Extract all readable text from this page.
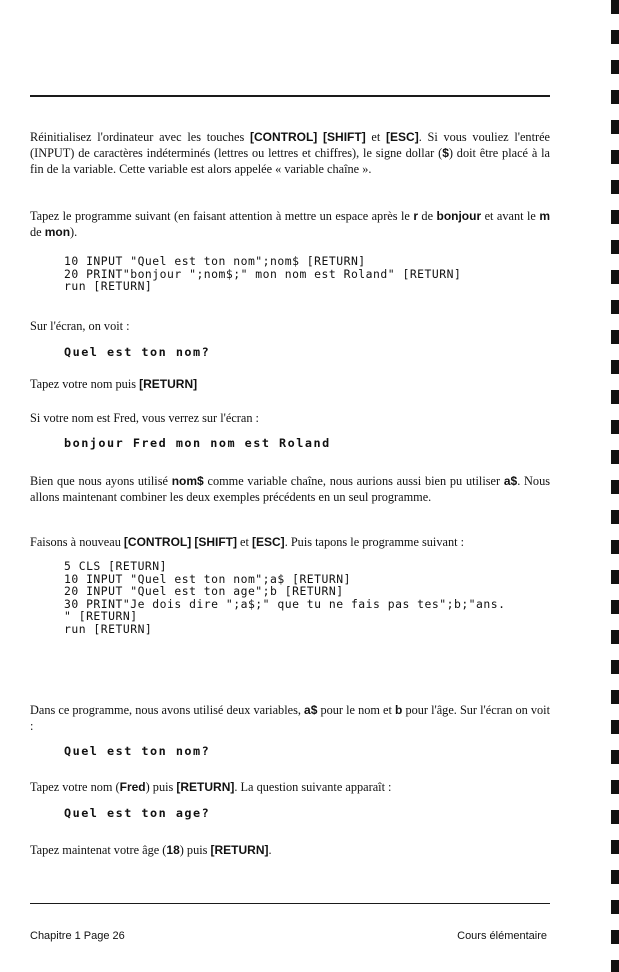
Réinitialisez l'ordinateur avec les touches [CONTROL] [SHIFT] et [ESC]. Si vous vouliez l'entrée (INPUT) de caractères indéterminés (lettres ou lettres et chiffres), le signe dollar ($) doit être placé à la fin de la variable. Cette variable est alors appelée « variable chaîne ».

Tapez le programme suivant (en faisant attention à mettre un espace après le r de bonjour et avant le m de mon).

10 INPUT "Quel est ton nom";nom$ [RETURN]
20 PRINT"bonjour ";nom$;" mon nom est Roland" [RETURN]
run [RETURN]

Sur l'écran, on voit :

Quel est ton nom?

Tapez votre nom puis [RETURN]

Si votre nom est Fred, vous verrez sur l'écran :

bonjour Fred mon nom est Roland

Bien que nous ayons utilisé nom$ comme variable chaîne, nous aurions aussi bien pu utiliser a$. Nous allons maintenant combiner les deux exemples précédents en un seul programme.

Faisons à nouveau [CONTROL] [SHIFT] et [ESC]. Puis tapons le programme suivant :

5 CLS [RETURN]
10 INPUT "Quel est ton nom";a$ [RETURN]
20 INPUT "Quel est ton age";b [RETURN]
30 PRINT"Je dois dire ";a$;" que tu ne fais pas tes";b;"ans.
" [RETURN]
run [RETURN]

Dans ce programme, nous avons utilisé deux variables, a$ pour le nom et b pour l'âge. Sur l'écran on voit :

Quel est ton nom?

Tapez votre nom (Fred) puis [RETURN]. La question suivante apparaît :

Quel est ton age?

Tapez maintenat votre âge (18) puis [RETURN].

Chapitre 1 Page 26	Cours élémentaire
